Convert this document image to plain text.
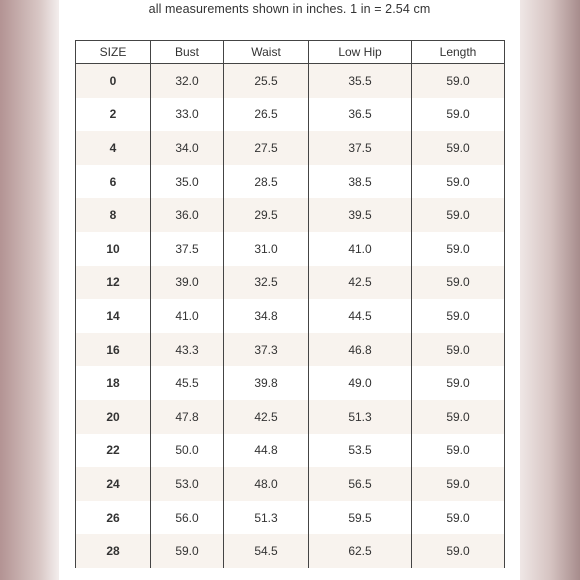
all measurements shown in inches. 1 in = 2.54 cm
SIZE	Bust	Waist	Low Hip	Length
0	32.0	25.5	35.5	59.0
2	33.0	26.5	36.5	59.0
4	34.0	27.5	37.5	59.0
6	35.0	28.5	38.5	59.0
8	36.0	29.5	39.5	59.0
10	37.5	31.0	41.0	59.0
12	39.0	32.5	42.5	59.0
14	41.0	34.8	44.5	59.0
16	43.3	37.3	46.8	59.0
18	45.5	39.8	49.0	59.0
20	47.8	42.5	51.3	59.0
22	50.0	44.8	53.5	59.0
24	53.0	48.0	56.5	59.0
26	56.0	51.3	59.5	59.0
28	59.0	54.5	62.5	59.0
